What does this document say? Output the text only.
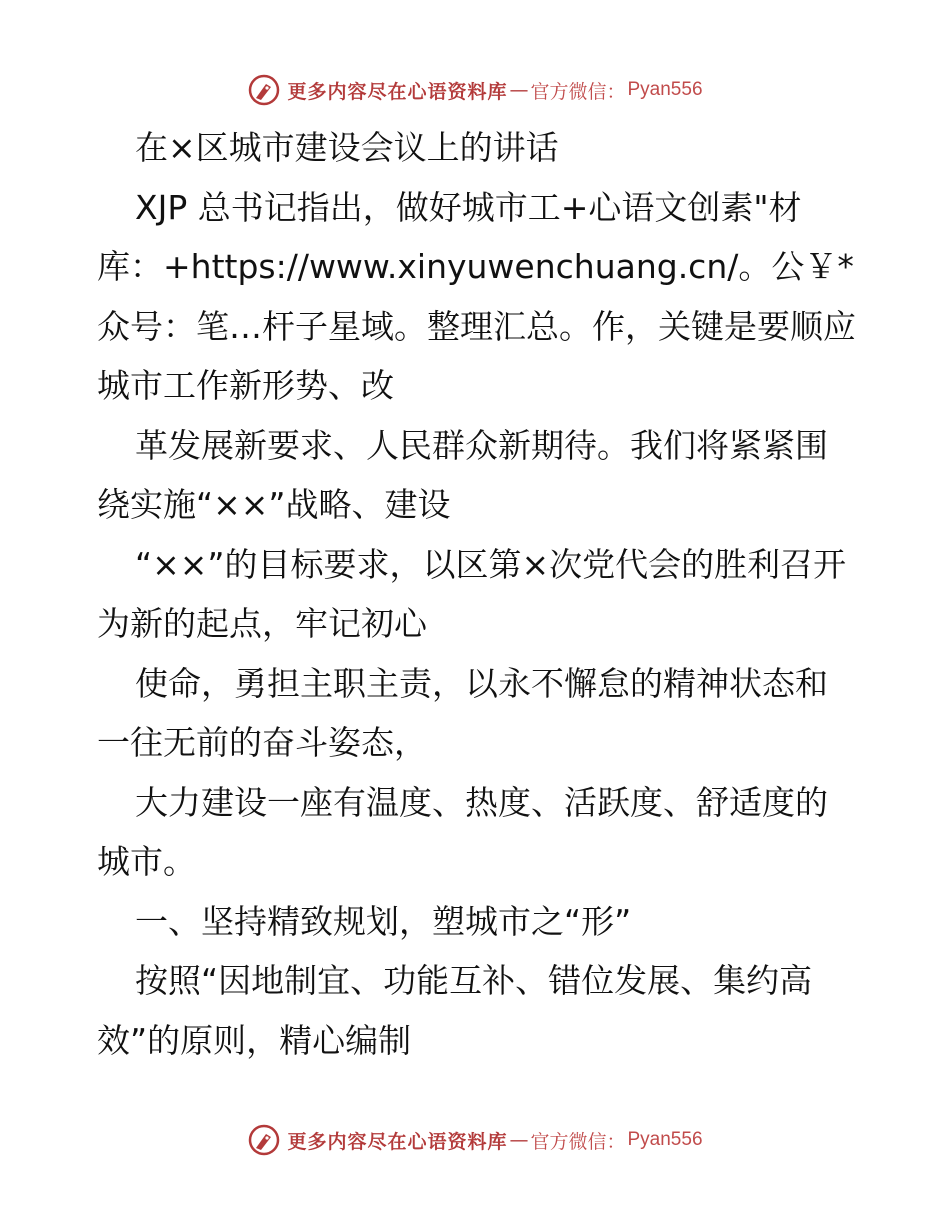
更多内容尽在心语资料库 — 官方微信： Pyan556

在×区城市建设会议上的讲话

XJP 总书记指出，做好城市工+心语文创素"材库：+https://www.xinyuwenchuang.cn/。公￥*众号：笔…杆子星域。整理汇总。作，关键是要顺应城市工作新形势、改

革发展新要求、人民群众新期待。我们将紧紧围绕实施“××”战略、建设

“××”的目标要求，以区第×次党代会的胜利召开为新的起点，牢记初心

使命，勇担主职主责，以永不懈怠的精神状态和一往无前的奋斗姿态，

大力建设一座有温度、热度、活跃度、舒适度的城市。

一、坚持精致规划，塑城市之“形”

按照“因地制宜、功能互补、错位发展、集约高效”的原则，精心编制

更多内容尽在心语资料库 — 官方微信： Pyan556
